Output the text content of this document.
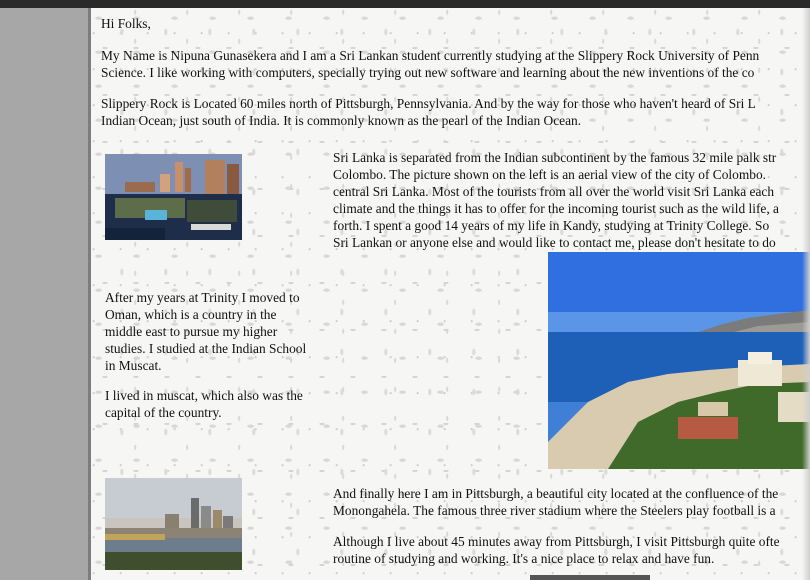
Hi Folks,

My Name is Nipuna Gunasekera and I am a Sri Lankan student currently studying at the Slippery Rock University of Penn

Science. I like working with computers, specially trying out new software and learning about the new inventions of the co

Slippery Rock is Located 60 miles north of Pittsburgh, Pennsylvania. And by the way for those who haven't heard of Sri L

Indian Ocean, just south of India. It is commonly known as the pearl of the Indian Ocean.

Sri Lanka is separated from the Indian subcontinent by the famous 32 mile palk str

Colombo. The picture shown on the left is an aerial view of the city of Colombo.

central Sri Lanka. Most of the tourists from all over the world visit Sri Lanka each

climate and the things it has to offer for the incoming tourist such as the wild life, a

forth. I spent a good 14 years of my life in Kandy, studying at Trinity College. So

Sri Lankan or anyone else and would like to contact me, please don't hesitate to do

After my years at Trinity I moved to

Oman, which is a country in the

middle east to pursue my higher

studies. I studied at the Indian School

in Muscat.

I lived in muscat, which also was the

capital of the country.

And finally here I am in Pittsburgh, a beautiful city located at the confluence of the

Monongahela. The famous three river stadium where the Steelers play football is a

Although I live about 45 minutes away from Pittsburgh, I visit Pittsburgh quite ofte

routine of studying and working. It's a nice place to relax and have fun.
